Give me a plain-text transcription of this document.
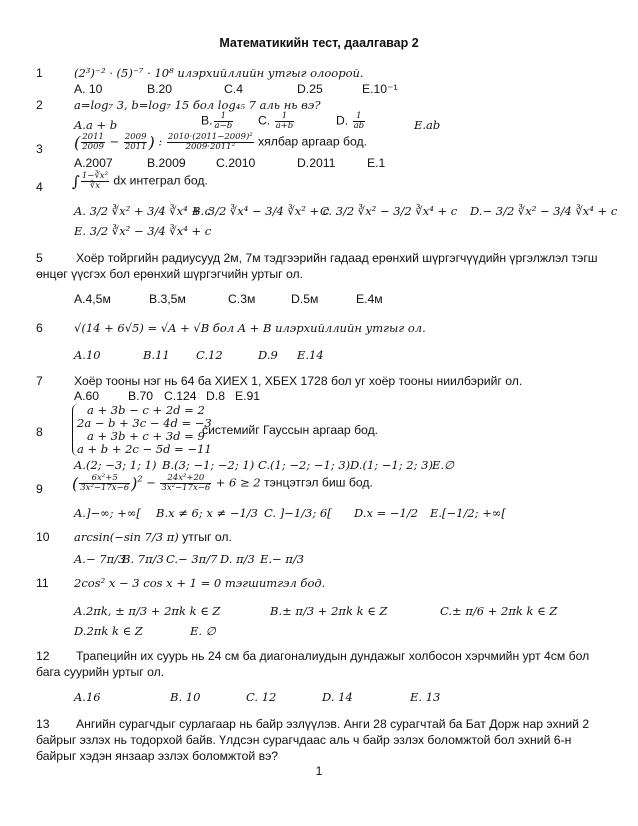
Математикийн тест, даалгавар 2
1	(2³)⁻² · (5)⁻⁷ · 10⁸ илэрхийллийн утгыг олоорой.
A. 10	B.20	C.4	D.25	E.10⁻¹
2	a=log₇ 3, b=log₇ 15 бол log₄₅ 7 аль нь вэ?
A.a + b	B. $\frac{1}{a-b} C$. $\frac{1}{a+b}$	D. $\frac{1}{ab}$	E.ab
3 ( $\frac{2011}{2009} - \frac{2009}{2011}$ ) : $\frac{\text{2010·(2011−2009)²}}{\text{2009·2011²}}$ хялбар аргаар бод.
A.2007	B.2009 C.2010	D.2011	E.1
4 ∫ $\frac{\text{1−∛x²}}{∛x}$ dx интеграл бод.
A. 3/2 ∛x² + 3/4 ∛x⁴ + c
B. 3/2 ∛x⁴ − 3/4 ∛x² + c
C. 3/2 ∛x² − 3/2 ∛x⁴ + c D.− 3/2 ∛x² − 3/4 ∛x⁴ + c
E. 3/2 ∛x² − 3/4 ∛x⁴ + c
5	Хоёр тойргийн радиусууд 2м, 7м тэдгээрийн гадаад ерөнхий шүргэгчүүдийн үргэлжлэл тэгш өнцөг үүсгэх бол ерөнхий шүргэгчийн уртыг ол.
A.4,5м	B.3,5м	C.3м	D.5м	E.4м
6	√(14 + 6√5) = √A + √B бол A + B илэрхийллийн утгыг ол.
A.10	B.11 C.12	D.9 E.14
7	Хоёр тооны нэг нь 64 ба ХИЕХ 1, ХБЕХ 1728 бол уг хоёр тооны ниилбэрийг ол.
A.60 B.70 C.124 D.8 E.91
8
a + 3b − c + 2d = 2
2a − b + 3c − 4d = −3
a + 3b + c + 3d = 9
a + b + 2c − 5d = −11
системийг Гауссын аргаар бод.
A.(2; −3; 1; 1) B.(3; −1; −2; 1) C.(1; −2; −1; 3) D.(1; −1; 2; 3) E.∅
9 ( $\frac{\text{6x²+5}}{\text{3x²−17x−6}} )^2 - \frac{\text{24x²+20}}{\text{3x²−17x−6}} + 6 \ge 2$ тэнцэтгэл биш бод.
A.]−∞; +∞[ B.x ≠ 6; x ≠ −1/3 C. ]−1/3; 6[ D.x = −1/2 E.[−1/2; +∞[
10 arcsin(−sin 7/3 π) утгыг ол.
A.− 7π/3
B. 7π/3 C.− 3π/7 D. π/3 E.− π/3
11 2cos² x − 3 cos x + 1 = 0 тэгшитгэл бод.
A.2πk, ± π/3 + 2πk k ∈ Z	B.± π/3 + 2πk k ∈ Z	C.± π/6 + 2πk k ∈ Z
D.2πk k ∈ Z	E. ∅
12 Трапецийн их суурь нь 24 см ба диагоналиудын дундажыг холбосон хэрчмийн урт 4см бол бага суурийн уртыг ол.
A.16	B. 10	C. 12	D. 14	E. 13
13 Ангийн сурагчдыг сурлагаар нь байр эзлүүлэв. Анги 28 сурагчтай ба Бат Дорж нар эхний 2 байрыг эзлэх нь тодорхой байв. Үлдсэн сурагчдаас аль ч байр эзлэх боломжтой бол эхний 6-н байрыг хэдэн янзаар эзлэх боломжтой вэ?
1
